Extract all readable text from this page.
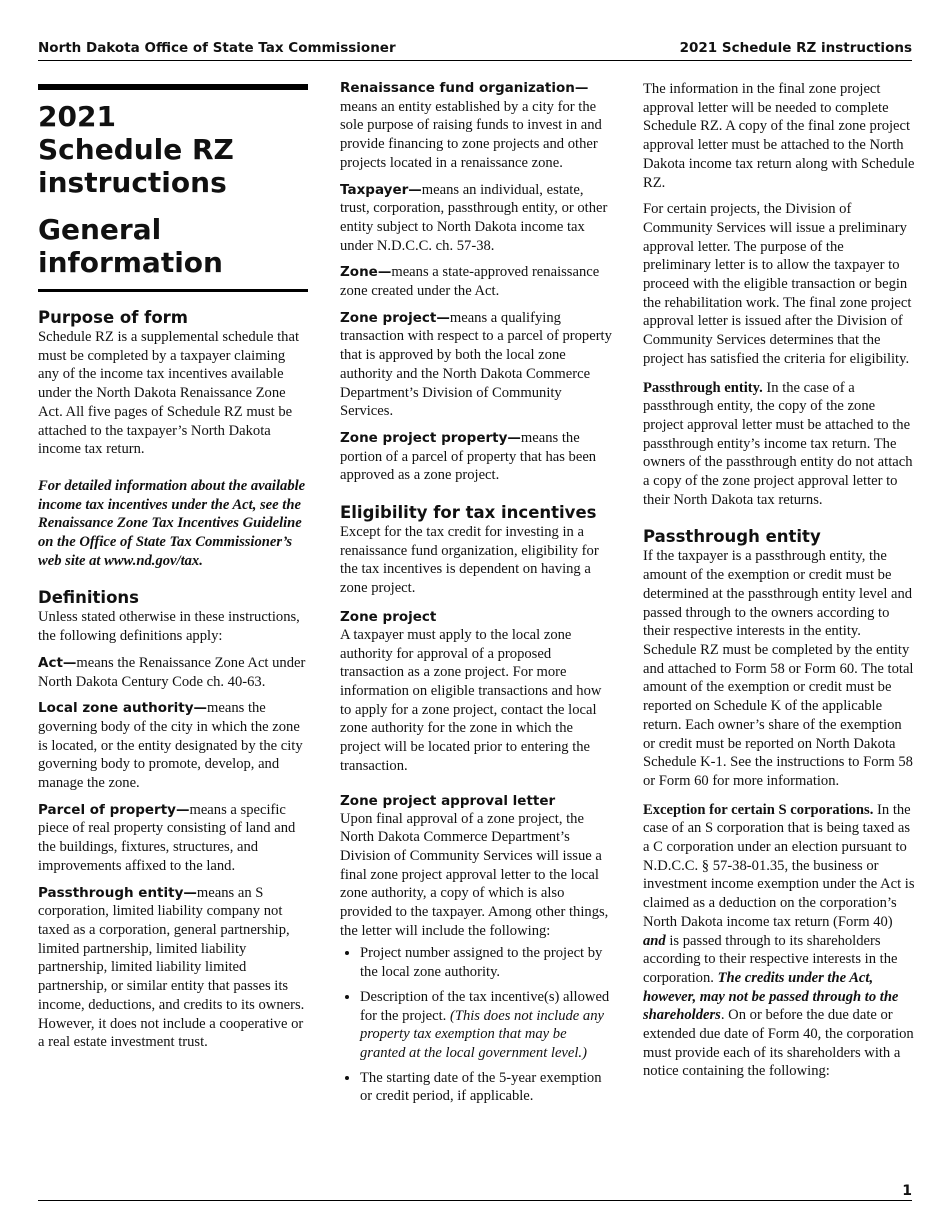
North Dakota Office of State Tax Commissioner	2021 Schedule RZ instructions
2021
Schedule RZ
instructions
General
information
Purpose of form

Schedule RZ is a supplemental schedule that must be completed by a taxpayer claiming any of the income tax incentives available under the North Dakota Renaissance Zone Act. All five pages of Schedule RZ must be attached to the taxpayer’s North Dakota income tax return.

For detailed information about the available income tax incentives under the Act, see the Renaissance Zone Tax Incentives Guideline on the Office of State Tax Commissioner’s web site at www.nd.gov/tax.

Definitions

Unless stated otherwise in these instructions, the following definitions apply:

Act—means the Renaissance Zone Act under North Dakota Century Code ch. 40-63.

Local zone authority—means the governing body of the city in which the zone is located, or the entity designated by the city governing body to promote, develop, and manage the zone.

Parcel of property—means a specific piece of real property consisting of land and the buildings, fixtures, structures, and improvements affixed to the land.

Passthrough entity—means an S corporation, limited liability company not taxed as a corporation, general partnership, limited partnership, limited liability partnership, limited liability limited partnership, or similar entity that passes its income, deductions, and credits to its owners. However, it does not include a cooperative or a real estate investment trust.

Renaissance fund organization—means an entity established by a city for the sole purpose of raising funds to invest in and provide financing to zone projects and other projects located in a renaissance zone.

Taxpayer—means an individual, estate, trust, corporation, passthrough entity, or other entity subject to North Dakota income tax under N.D.C.C. ch. 57-38.

Zone—means a state-approved renaissance zone created under the Act.

Zone project—means a qualifying transaction with respect to a parcel of property that is approved by both the local zone authority and the North Dakota Commerce Department’s Division of Community Services.

Zone project property—means the portion of a parcel of property that has been approved as a zone project.

Eligibility for tax incentives

Except for the tax credit for investing in a renaissance fund organization, eligibility for the tax incentives is dependent on having a zone project.

Zone project

A taxpayer must apply to the local zone authority for approval of a proposed transaction as a zone project. For more information on eligible transactions and how to apply for a zone project, contact the local zone authority for the zone in which the project will be located prior to entering the transaction.

Zone project approval letter

Upon final approval of a zone project, the North Dakota Commerce Department’s Division of Community Services will issue a final zone project approval letter to the local zone authority, a copy of which is also provided to the taxpayer. Among other things, the letter will include the following:

• Project number assigned to the project by the local zone authority.
• Description of the tax incentive(s) allowed for the project. (This does not include any property tax exemption that may be granted at the local government level.)
• The starting date of the 5-year exemption or credit period, if applicable.

The information in the final zone project approval letter will be needed to complete Schedule RZ. A copy of the final zone project approval letter must be attached to the North Dakota income tax return along with Schedule RZ.

For certain projects, the Division of Community Services will issue a preliminary approval letter. The purpose of the preliminary letter is to allow the taxpayer to proceed with the eligible transaction or begin the rehabilitation work. The final zone project approval letter is issued after the Division of Community Services determines that the project has satisfied the criteria for eligibility.

Passthrough entity. In the case of a passthrough entity, the copy of the zone project approval letter must be attached to the passthrough entity’s income tax return. The owners of the passthrough entity do not attach a copy of the zone project approval letter to their North Dakota tax returns.

Passthrough entity

If the taxpayer is a passthrough entity, the amount of the exemption or credit must be determined at the passthrough entity level and passed through to the owners according to their respective interests in the entity. Schedule RZ must be completed by the entity and attached to Form 58 or Form 60. The total amount of the exemption or credit must be reported on Schedule K of the applicable return. Each owner’s share of the exemption or credit must be reported on North Dakota Schedule K-1. See the instructions to Form 58 or Form 60 for more information.

Exception for certain S corporations. In the case of an S corporation that is being taxed as a C corporation under an election pursuant to N.D.C.C. § 57-38-01.35, the business or investment income exemption under the Act is claimed as a deduction on the corporation’s North Dakota income tax return (Form 40) and is passed through to its shareholders according to their respective interests in the corporation. The credits under the Act, however, may not be passed through to the shareholders. On or before the due date or extended due date of Form 40, the corporation must provide each of its shareholders with a notice containing the following:

1
